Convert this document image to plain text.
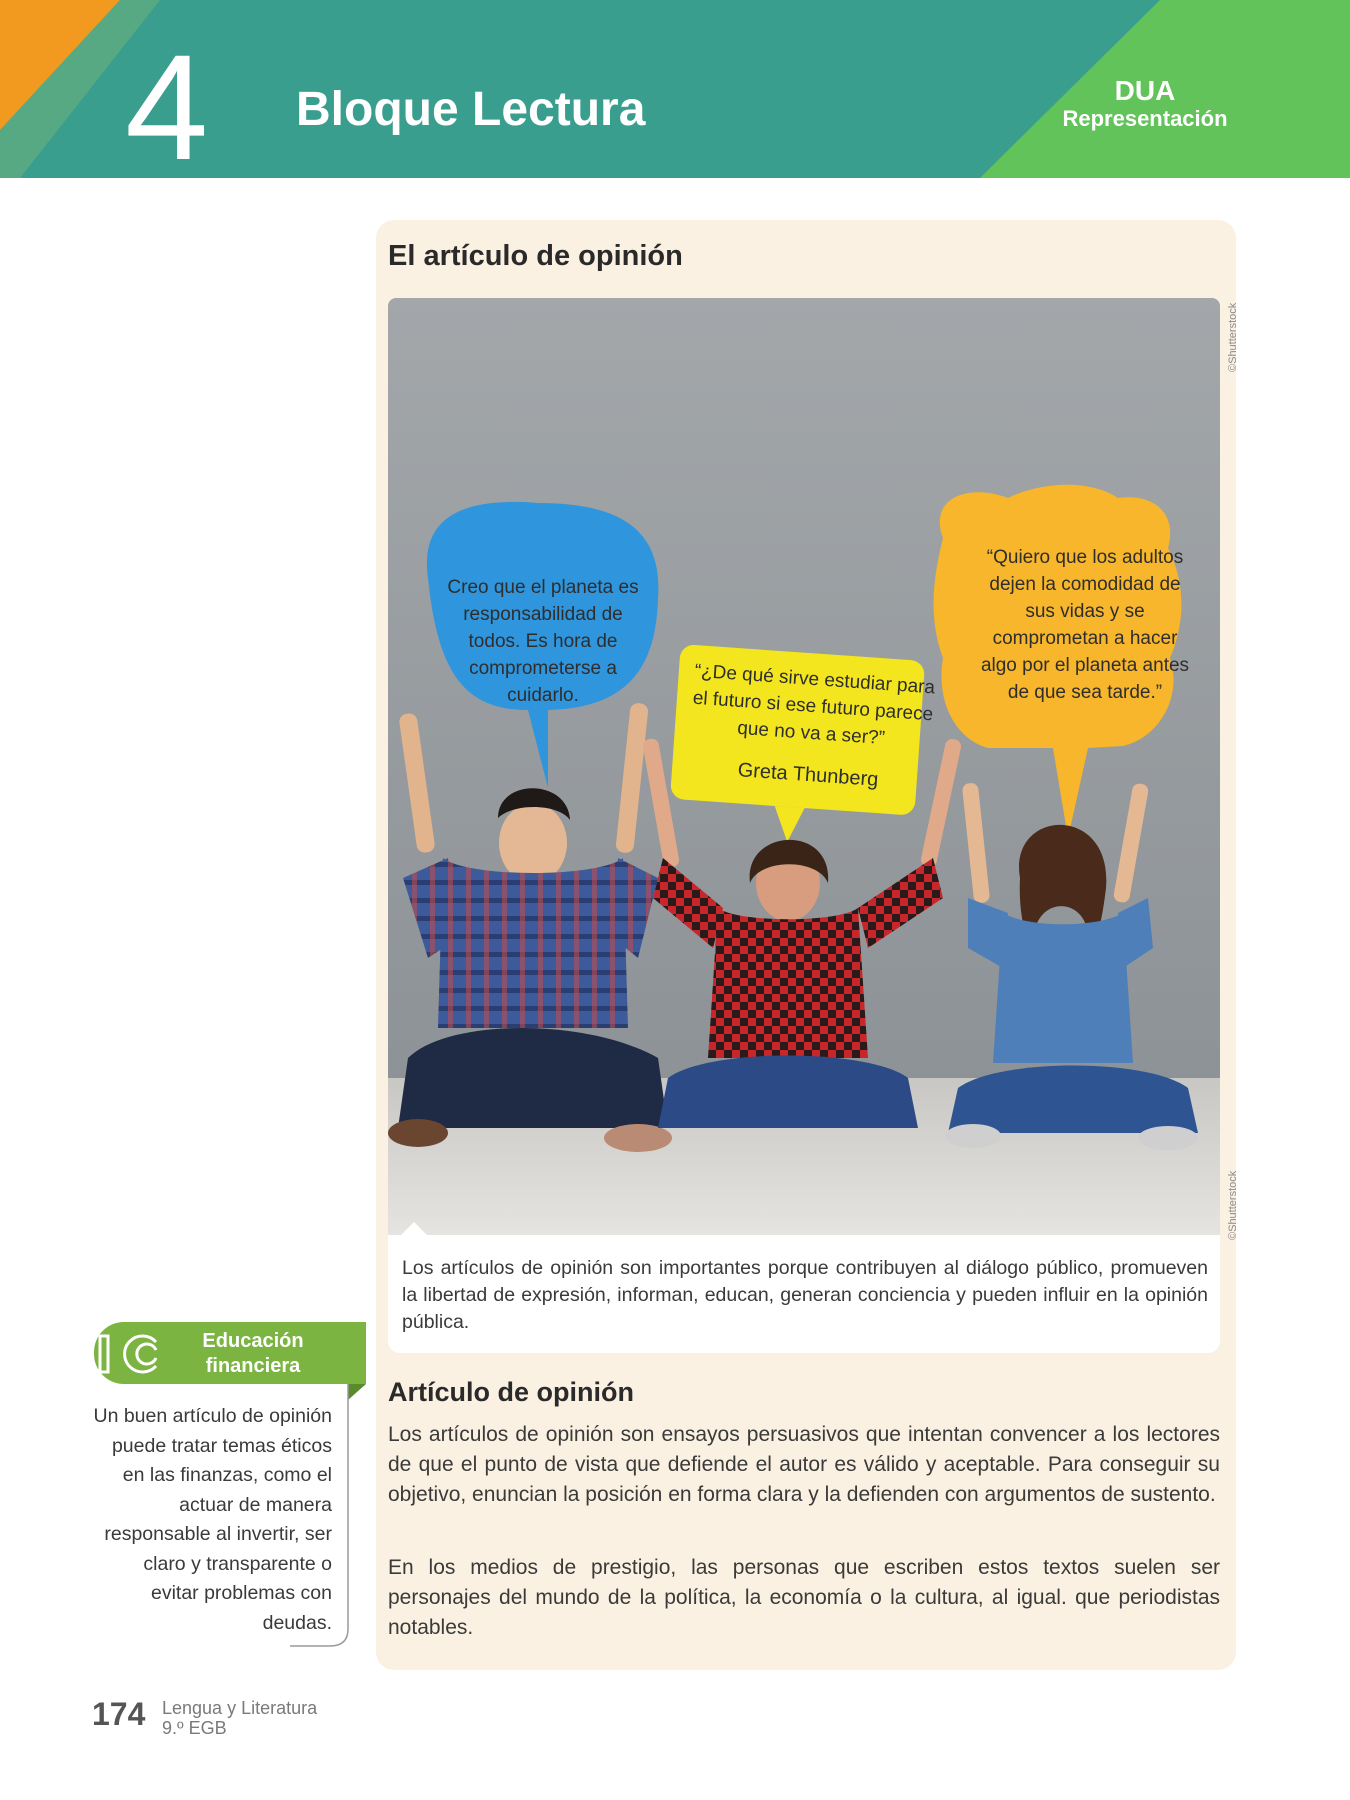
4 Bloque Lectura	DUA
Representación
El artículo de opinión
©Shutterstock
©Shutterstock
Creo que el planeta es responsabilidad de todos. Es hora de comprometerse a cuidarlo.	“¿De qué sirve estudiar para el futuro si ese futuro parece que no va a ser?”
Greta Thunberg
“Quiero que los adultos dejen la comodidad de sus vidas y se comprometan a hacer algo por el planeta antes de que sea tarde.”
Los artículos de opinión son importantes porque contribuyen al diálogo público, promueven la libertad de expresión, informan, educan, generan conciencia y pueden influir en la opinión pública.
Artículo de opinión
Los artículos de opinión son ensayos persuasivos que intentan convencer a los lectores de que el punto de vista que defiende el autor es válido y aceptable. Para conseguir su objetivo, enuncian la posición en forma clara y la defienden con argumentos de sustento.
En los medios de prestigio, las personas que escriben estos textos suelen ser personajes del mundo de la política, la economía o la cultura, al igual. que periodistas notables.
Educación financiera
Un buen artículo de opinión puede tratar temas éticos en las finanzas, como el actuar de manera responsable al invertir, ser claro y transparente o evitar problemas con deudas.
174 Lengua y Literatura
9.º EGB
